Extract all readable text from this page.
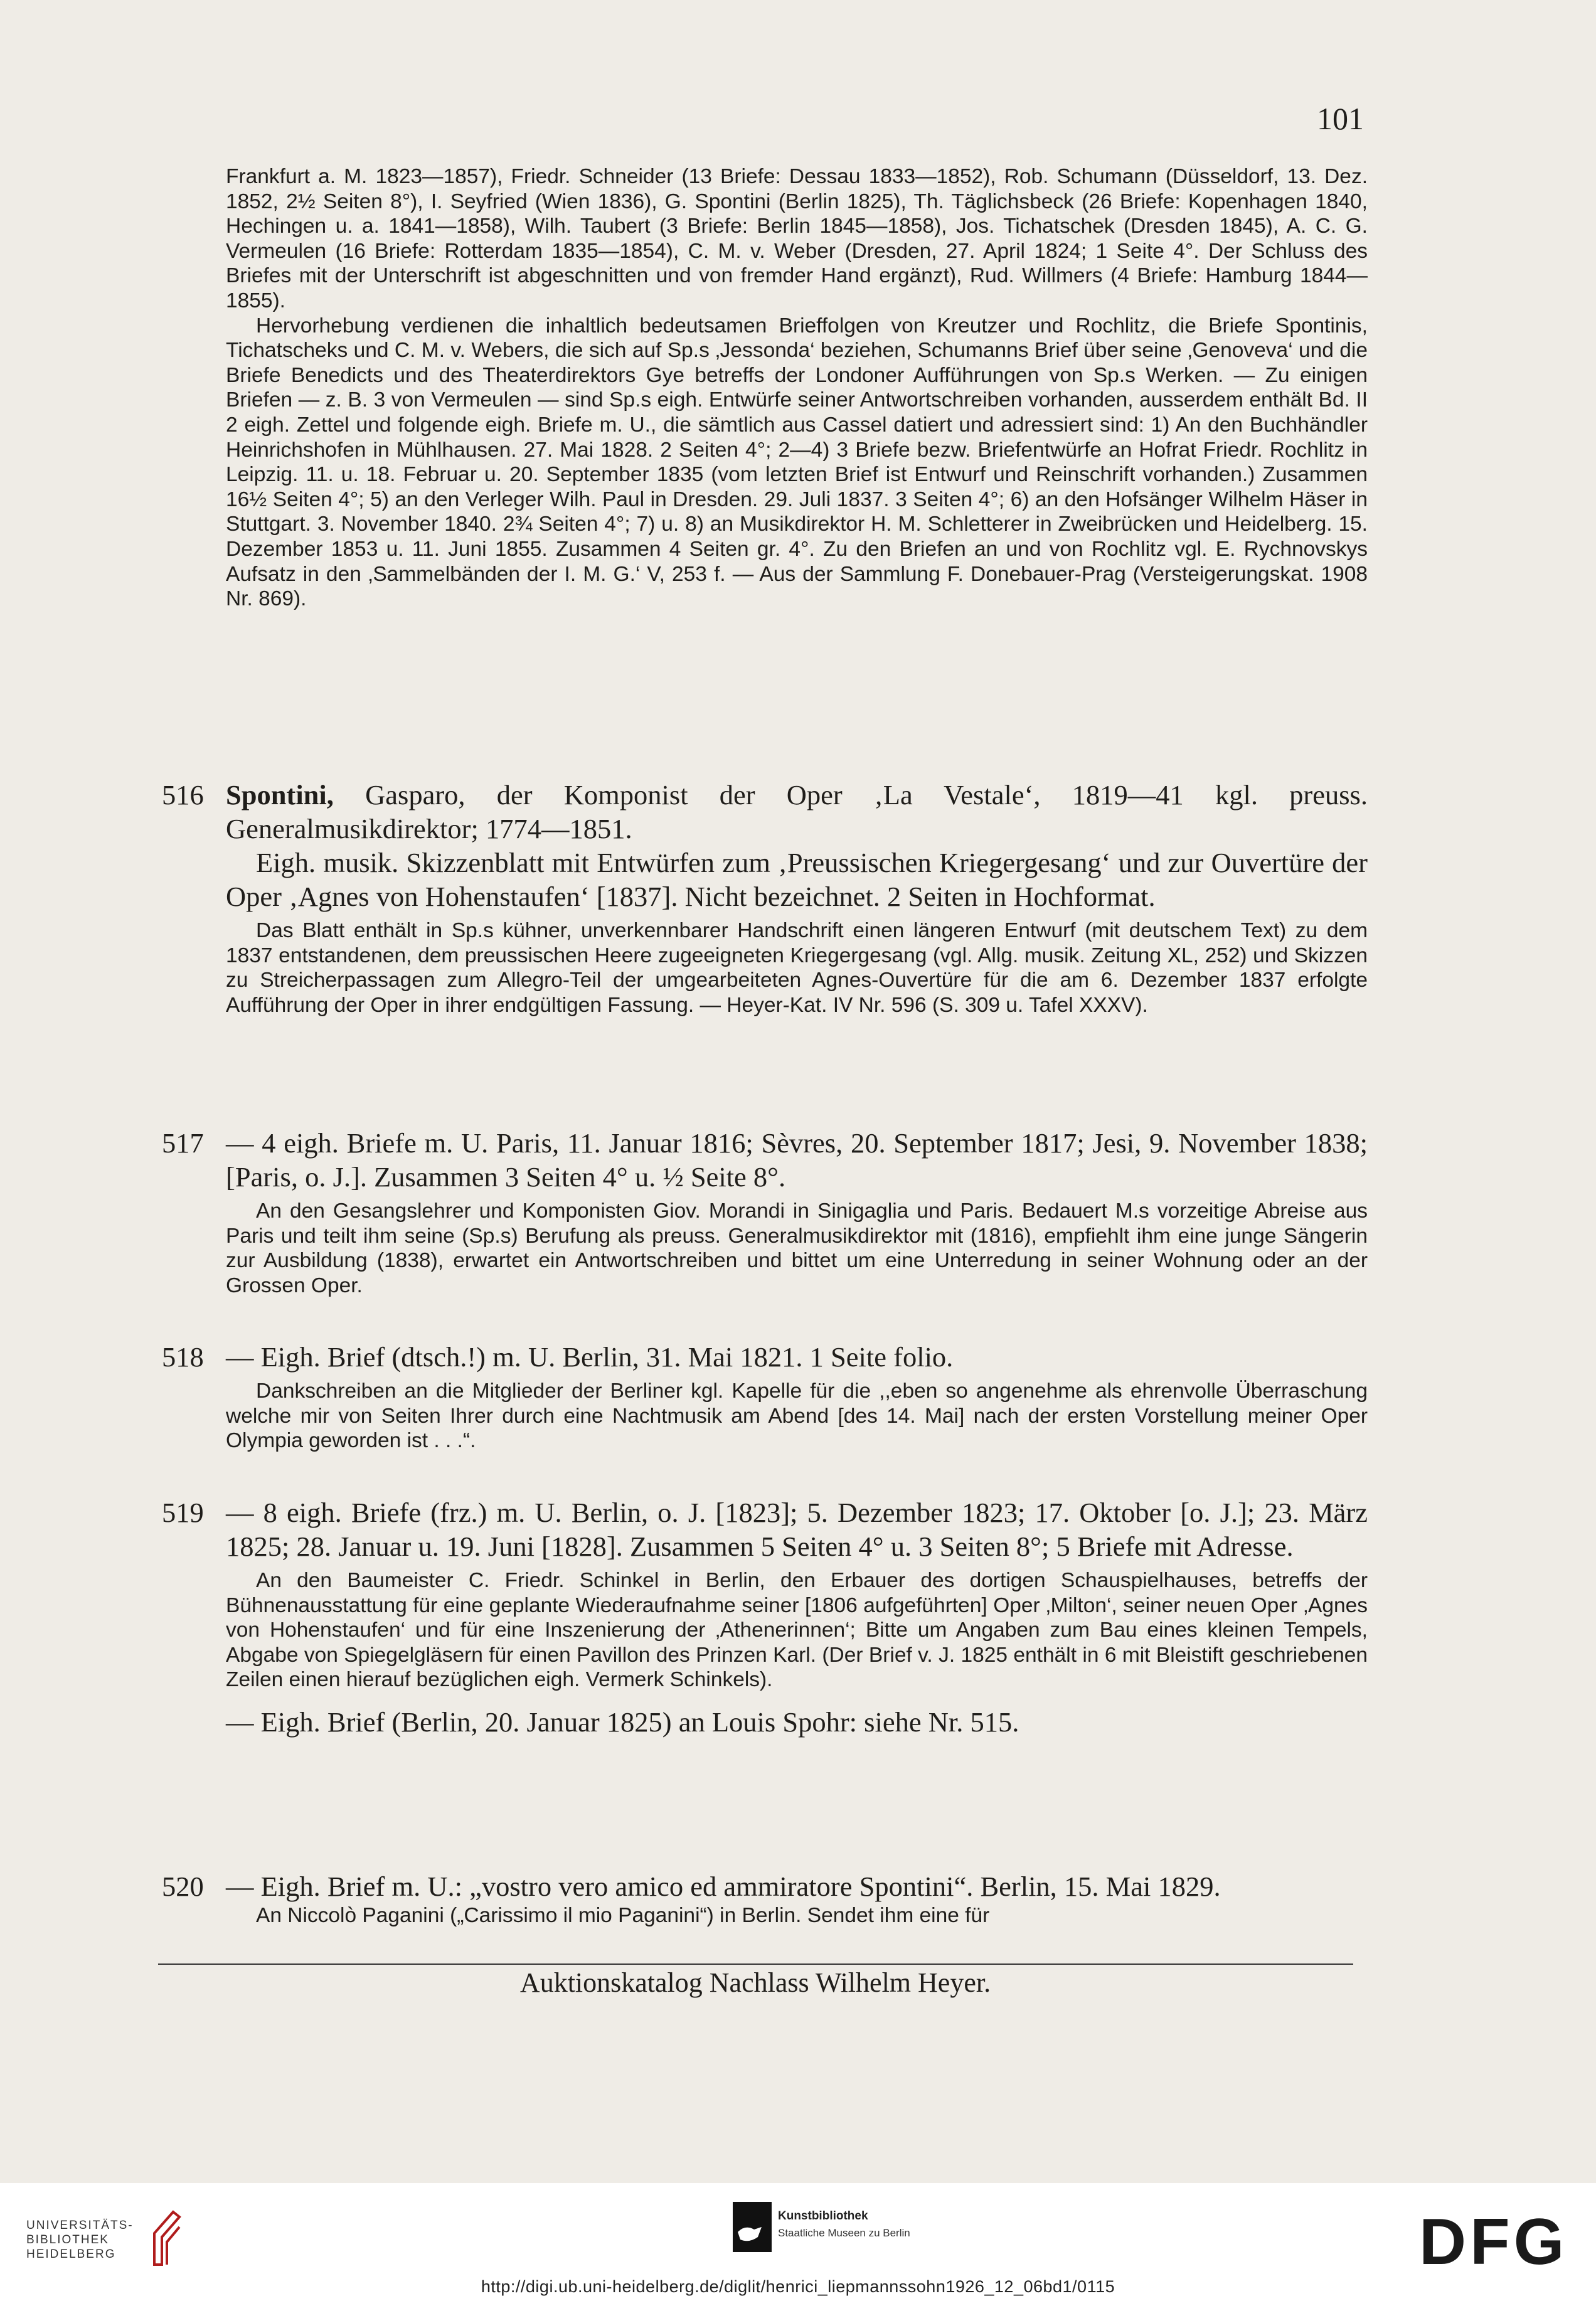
101

Frankfurt a. M. 1823—1857), Friedr. Schneider (13 Briefe: Dessau 1833—1852), Rob. Schumann (Düsseldorf, 13. Dez. 1852, 2½ Seiten 8°), I. Seyfried (Wien 1836), G. Spontini (Berlin 1825), Th. Täglichsbeck (26 Briefe: Kopenhagen 1840, Hechingen u. a. 1841—1858), Wilh. Taubert (3 Briefe: Berlin 1845—1858), Jos. Tichatschek (Dresden 1845), A. C. G. Vermeulen (16 Briefe: Rotterdam 1835—1854), C. M. v. Weber (Dresden, 27. April 1824; 1 Seite 4°. Der Schluss des Briefes mit der Unterschrift ist abgeschnitten und von fremder Hand ergänzt), Rud. Willmers (4 Briefe: Hamburg 1844—1855).

Hervorhebung verdienen die inhaltlich bedeutsamen Brieffolgen von Kreutzer und Rochlitz, die Briefe Spontinis, Tichatscheks und C. M. v. Webers, die sich auf Sp.s ‚Jessonda‘ beziehen, Schumanns Brief über seine ‚Genoveva‘ und die Briefe Benedicts und des Theaterdirektors Gye betreffs der Londoner Aufführungen von Sp.s Werken. — Zu einigen Briefen — z. B. 3 von Vermeulen — sind Sp.s eigh. Entwürfe seiner Antwortschreiben vorhanden, ausserdem enthält Bd. II 2 eigh. Zettel und folgende eigh. Briefe m. U., die sämtlich aus Cassel datiert und adressiert sind: 1) An den Buchhändler Heinrichshofen in Mühlhausen. 27. Mai 1828. 2 Seiten 4°; 2—4) 3 Briefe bezw. Briefentwürfe an Hofrat Friedr. Rochlitz in Leipzig. 11. u. 18. Februar u. 20. September 1835 (vom letzten Brief ist Entwurf und Reinschrift vorhanden.) Zusammen 16½ Seiten 4°; 5) an den Verleger Wilh. Paul in Dresden. 29. Juli 1837. 3 Seiten 4°; 6) an den Hofsänger Wilhelm Häser in Stuttgart. 3. November 1840. 2¾ Seiten 4°; 7) u. 8) an Musikdirektor H. M. Schletterer in Zweibrücken und Heidelberg. 15. Dezember 1853 u. 11. Juni 1855. Zusammen 4 Seiten gr. 4°. Zu den Briefen an und von Rochlitz vgl. E. Rychnovskys Aufsatz in den ‚Sammelbänden der I. M. G.‘ V, 253 f. — Aus der Sammlung F. Donebauer-Prag (Versteigerungskat. 1908 Nr. 869).

516 Spontini, Gasparo, der Komponist der Oper ‚La Vestale‘, 1819—41 kgl. preuss. Generalmusikdirektor; 1774—1851.
Eigh. musik. Skizzenblatt mit Entwürfen zum ‚Preussischen Kriegergesang‘ und zur Ouvertüre der Oper ‚Agnes von Hohenstaufen‘ [1837]. Nicht bezeichnet. 2 Seiten in Hochformat.

Das Blatt enthält in Sp.s kühner, unverkennbarer Handschrift einen längeren Entwurf (mit deutschem Text) zu dem 1837 entstandenen, dem preussischen Heere zugeeigneten Kriegergesang (vgl. Allg. musik. Zeitung XL, 252) und Skizzen zu Streicherpassagen zum Allegro-Teil der umgearbeiteten Agnes-Ouvertüre für die am 6. Dezember 1837 erfolgte Aufführung der Oper in ihrer endgültigen Fassung. — Heyer-Kat. IV Nr. 596 (S. 309 u. Tafel XXXV).

517 — 4 eigh. Briefe m. U. Paris, 11. Januar 1816; Sèvres, 20. September 1817; Jesi, 9. November 1838; [Paris, o. J.]. Zusammen 3 Seiten 4° u. ½ Seite 8°.

An den Gesangslehrer und Komponisten Giov. Morandi in Sinigaglia und Paris. Bedauert M.s vorzeitige Abreise aus Paris und teilt ihm seine (Sp.s) Berufung als preuss. Generalmusikdirektor mit (1816), empfiehlt ihm eine junge Sängerin zur Ausbildung (1838), erwartet ein Antwortschreiben und bittet um eine Unterredung in seiner Wohnung oder an der Grossen Oper.

518 — Eigh. Brief (dtsch.!) m. U. Berlin, 31. Mai 1821. 1 Seite folio.

Dankschreiben an die Mitglieder der Berliner kgl. Kapelle für die ,,eben so angenehme als ehrenvolle Überraschung welche mir von Seiten Ihrer durch eine Nachtmusik am Abend [des 14. Mai] nach der ersten Vorstellung meiner Oper Olympia geworden ist . . .“.

519 — 8 eigh. Briefe (frz.) m. U. Berlin, o. J. [1823]; 5. Dezember 1823; 17. Oktober [o. J.]; 23. März 1825; 28. Januar u. 19. Juni [1828]. Zusammen 5 Seiten 4° u. 3 Seiten 8°; 5 Briefe mit Adresse.

An den Baumeister C. Friedr. Schinkel in Berlin, den Erbauer des dortigen Schauspielhauses, betreffs der Bühnenausstattung für eine geplante Wiederaufnahme seiner [1806 aufgeführten] Oper ‚Milton‘, seiner neuen Oper ‚Agnes von Hohenstaufen‘ und für eine Inszenierung der ‚Athenerinnen‘; Bitte um Angaben zum Bau eines kleinen Tempels, Abgabe von Spiegelgläsern für einen Pavillon des Prinzen Karl. (Der Brief v. J. 1825 enthält in 6 mit Bleistift geschriebenen Zeilen einen hierauf bezüglichen eigh. Vermerk Schinkels).

— Eigh. Brief (Berlin, 20. Januar 1825) an Louis Spohr: siehe Nr. 515.
520 — Eigh. Brief m. U.: „vostro vero amico ed ammiratore Spontini“. Berlin, 15. Mai 1829.

An Niccolò Paganini („Carissimo il mio Paganini“) in Berlin. Sendet ihm eine für

Auktionskatalog Nachlass Wilhelm Heyer.
UNIVERSITÄTS-
BIBLIOTHEK
HEIDELBERG
Kunstbibliothek
Staatliche Museen zu Berlin	DFG
http://digi.ub.uni-heidelberg.de/diglit/henrici_liepmannssohn1926_12_06bd1/0115
